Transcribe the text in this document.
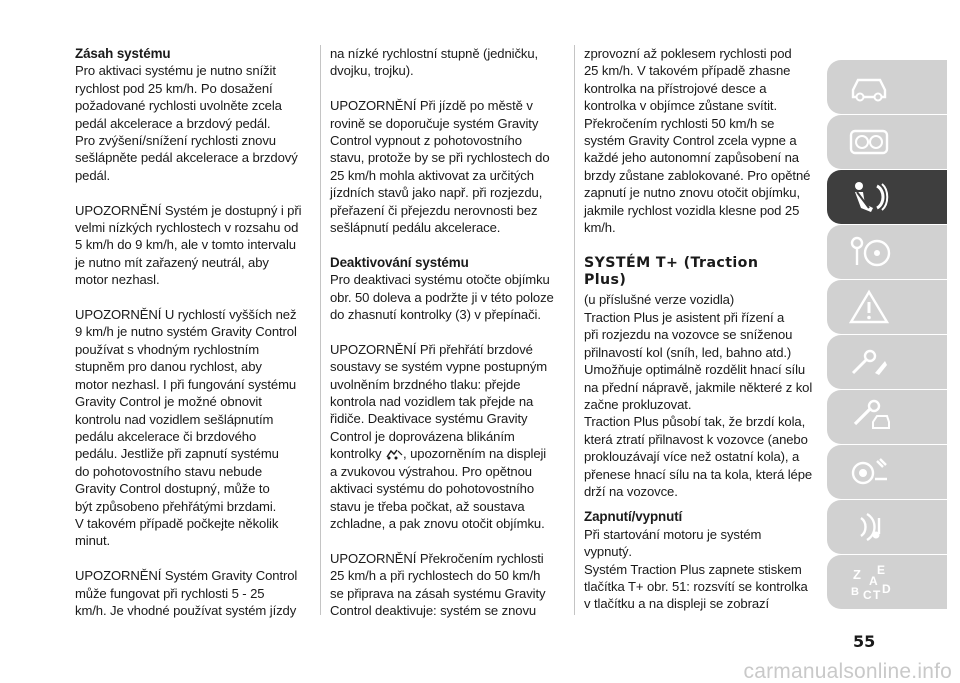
Zásah systému

Pro aktivaci systému je nutno snížit
rychlost pod 25 km/h. Po dosažení
požadované rychlosti uvolněte zcela
pedál akcelerace a brzdový pedál.
Pro zvýšení/snížení rychlosti znovu
sešlápněte pedál akcelerace a brzdový
pedál.

UPOZORNĚNÍ Systém je dostupný i při
velmi nízkých rychlostech v rozsahu od
5 km/h do 9 km/h, ale v tomto intervalu
je nutno mít zařazený neutrál, aby
motor nezhasl.

UPOZORNĚNÍ U rychlostí vyšších než
9 km/h je nutno systém Gravity Control
používat s vhodným rychlostním
stupněm pro danou rychlost, aby
motor nezhasl. I při fungování systému
Gravity Control je možné obnovit
kontrolu nad vozidlem sešlápnutím
pedálu akcelerace či brzdového
pedálu. Jestliže při zapnutí systému
do pohotovostního stavu nebude
Gravity Control dostupný, může to
být způsobeno přehřátými brzdami.
V takovém případě počkejte několik
minut.

UPOZORNĚNÍ Systém Gravity Control
může fungovat při rychlosti 5 - 25
km/h. Je vhodné používat systém jízdy

na nízké rychlostní stupně (jedničku,
dvojku, trojku).

UPOZORNĚNÍ Při jízdě po městě v
rovině se doporučuje systém Gravity
Control vypnout z pohotovostního
stavu, protože by se při rychlostech do
25 km/h mohla aktivovat za určitých
jízdních stavů jako např. při rozjezdu,
přeřazení či přejezdu nerovnosti bez
sešlápnutí pedálu akcelerace.

Deaktivování systému

Pro deaktivaci systému otočte objímku
obr. 50 doleva a podržte ji v této poloze
do zhasnutí kontrolky (3) v přepínači.

UPOZORNĚNÍ Při přehřátí brzdové
soustavy se systém vypne postupným
uvolněním brzdného tlaku: přejde
kontrola nad vozidlem tak přejde na
řidiče. Deaktivace systému Gravity
Control je doprovázena blikáním
kontrolky , upozorněním na displeji
a zvukovou výstrahou. Pro opětnou
aktivaci systému do pohotovostního
stavu je třeba počkat, až soustava
zchladne, a pak znovu otočit objímku.

UPOZORNĚNÍ Překročením rychlosti
25 km/h a při rychlostech do 50 km/h
se připrava na zásah systému Gravity
Control deaktivuje: systém se znovu

zprovozní až poklesem rychlosti pod
25 km/h. V takovém případě zhasne
kontrolka na přístrojové desce a
kontrolka v objímce zůstane svítit.
Překročením rychlosti 50 km/h se
systém Gravity Control zcela vypne a
každé jeho autonomní zapůsobení na
brzdy zůstane zablokované. Pro opětné
zapnutí je nutno znovu otočit objímku,
jakmile rychlost vozidla klesne pod 25
km/h.

SYSTÉM T+ (Traction
Plus)

(u příslušné verze vozidla)
Traction Plus je asistent při řízení a
při rozjezdu na vozovce se sníženou
přilnavostí kol (sníh, led, bahno atd.)
Umožňuje optimálně rozdělit hnací sílu
na přední nápravě, jakmile některé z kol
začne prokluzovat.
Traction Plus působí tak, že brzdí kola,
která ztratí přilnavost k vozovce (anebo
proklouzávají více než ostatní kola), a
přenese hnací sílu na ta kola, která lépe
drží na vozovce.

Zapnutí/vypnutí

Při startování motoru je systém
vypnutý.
Systém Traction Plus zapnete stiskem
tlačítka T+ obr. 51: rozsvítí se kontrolka
v tlačítku a na displeji se zobrazí

Z E
A
B C T D
55
carmanualsonline.info
